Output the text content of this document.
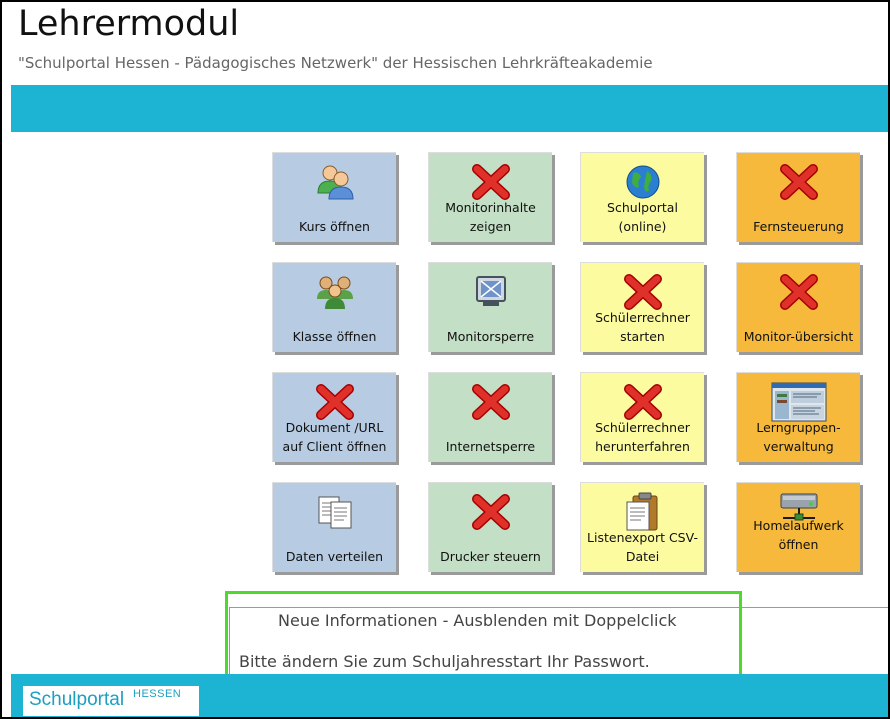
Lehrermodul
"Schulportal Hessen - Pädagogisches Netzwerk" der Hessischen Lehrkräfteakademie
Kurs öffnen
Monitorinhalte zeigen
Schulportal (online)	Fernsteuerung
Klasse öffnen	Monitorsperre
Schülerrechner starten	Monitor-übersicht
Dokument /URL auf Client öffnen	Internetsperre
Schülerrechner herunterfahren
Lerngruppen-verwaltung
Daten verteilen	Drucker steuern
Listenexport CSV-Datei
Homelaufwerk öffnen
Neue Informationen - Ausblenden mit Doppelclick
Bitte ändern Sie zum Schuljahresstart Ihr Passwort.
Schulportal HESSEN
